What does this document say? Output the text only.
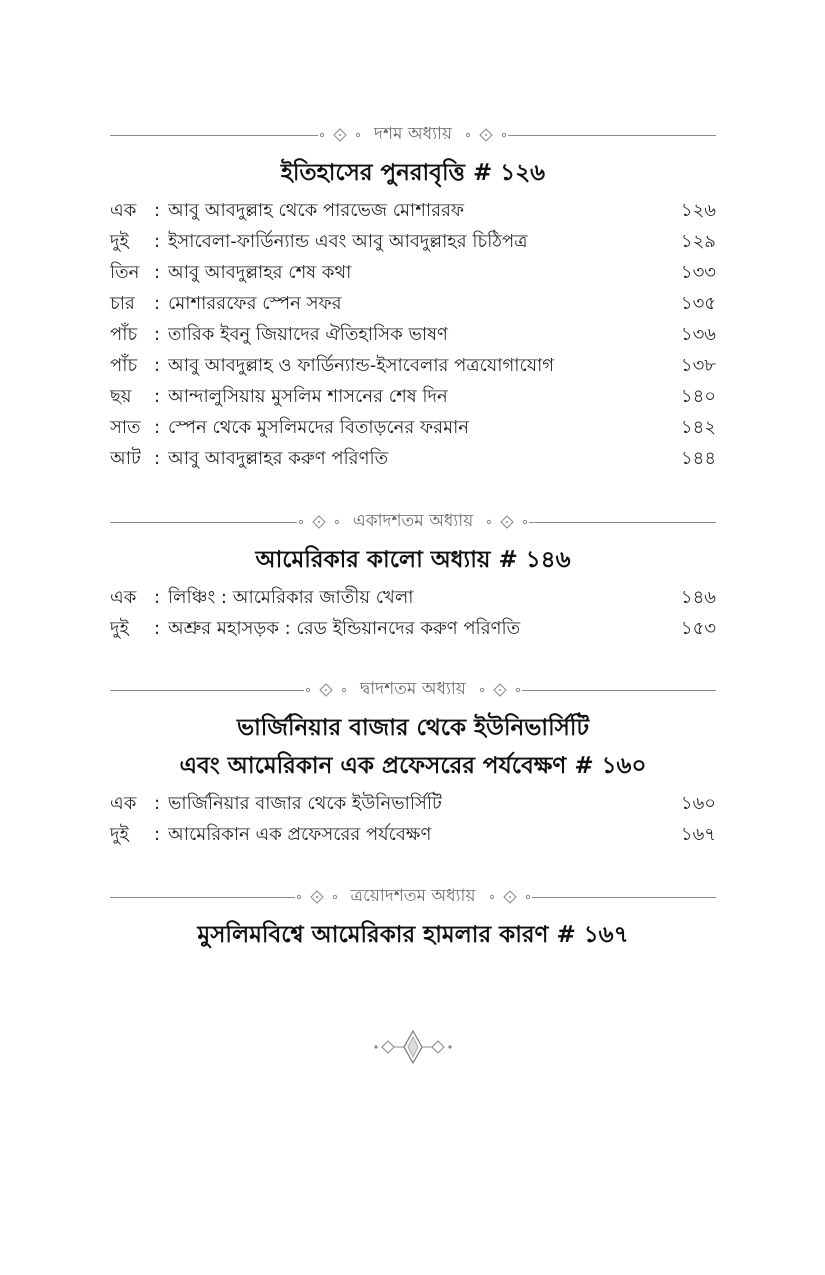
দশম অধ্যায়
ইতিহাসের পুনরাবৃত্তি # ১২৬
এক : আবু আবদুল্লাহ থেকে পারভেজ মোশাররফ	১২৬
দুই	: ইসাবেলা-ফার্ডিন্যান্ড এবং আবু আবদুল্লাহর চিঠিপত্র	১২৯
তিন : আবু আবদুল্লাহর শেষ কথা	১৩৩
চার	: মোশাররফের স্পেন সফর	১৩৫
পাঁচ : তারিক ইবনু জিয়াদের ঐতিহাসিক ভাষণ	১৩৬
পাঁচ : আবু আবদুল্লাহ ও ফার্ডিন্যান্ড-ইসাবেলার পত্রযোগাযোগ	১৩৮
ছয়	: আন্দালুসিয়ায় মুসলিম শাসনের শেষ দিন	১৪০
সাত : স্পেন থেকে মুসলিমদের বিতাড়নের ফরমান	১৪২
আট : আবু আবদুল্লাহর করুণ পরিণতি	১৪৪
একাদশতম অধ্যায়
আমেরিকার কালো অধ্যায় # ১৪৬
এক : লিঞ্চিং : আমেরিকার জাতীয় খেলা	১৪৬
দুই	: অশ্রুর মহাসড়ক : রেড ইন্ডিয়ানদের করুণ পরিণতি	১৫৩
দ্বাদশতম অধ্যায়
ভার্জিনিয়ার বাজার থেকে ইউনিভার্সিটি
এবং আমেরিকান এক প্রফেসরের পর্যবেক্ষণ # ১৬০
এক : ভার্জিনিয়ার বাজার থেকে ইউনিভার্সিটি	১৬০
দুই	: আমেরিকান এক প্রফেসরের পর্যবেক্ষণ	১৬৭
ত্রয়োদশতম অধ্যায়
মুসলিমবিশ্বে আমেরিকার হামলার কারণ # ১৬৭
